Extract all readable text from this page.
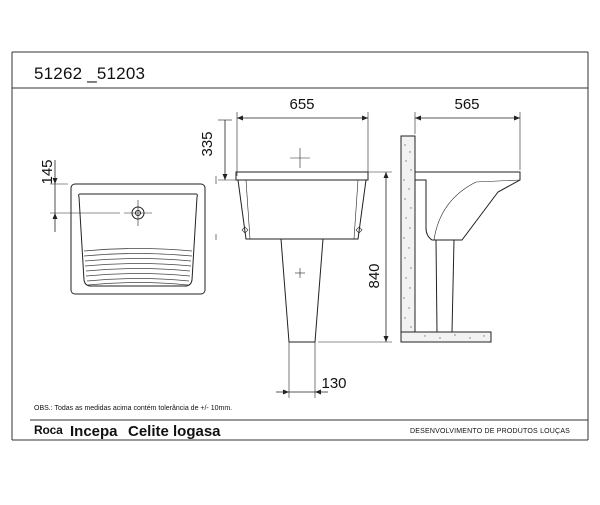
145
655
335
840
130
565
51262 _51203
OBS.: Todas as medidas acima contém tolerância de +/- 10mm.
Roca Incepa Celite logasa	DESENVOLVIMENTO DE PRODUTOS LOUÇAS
